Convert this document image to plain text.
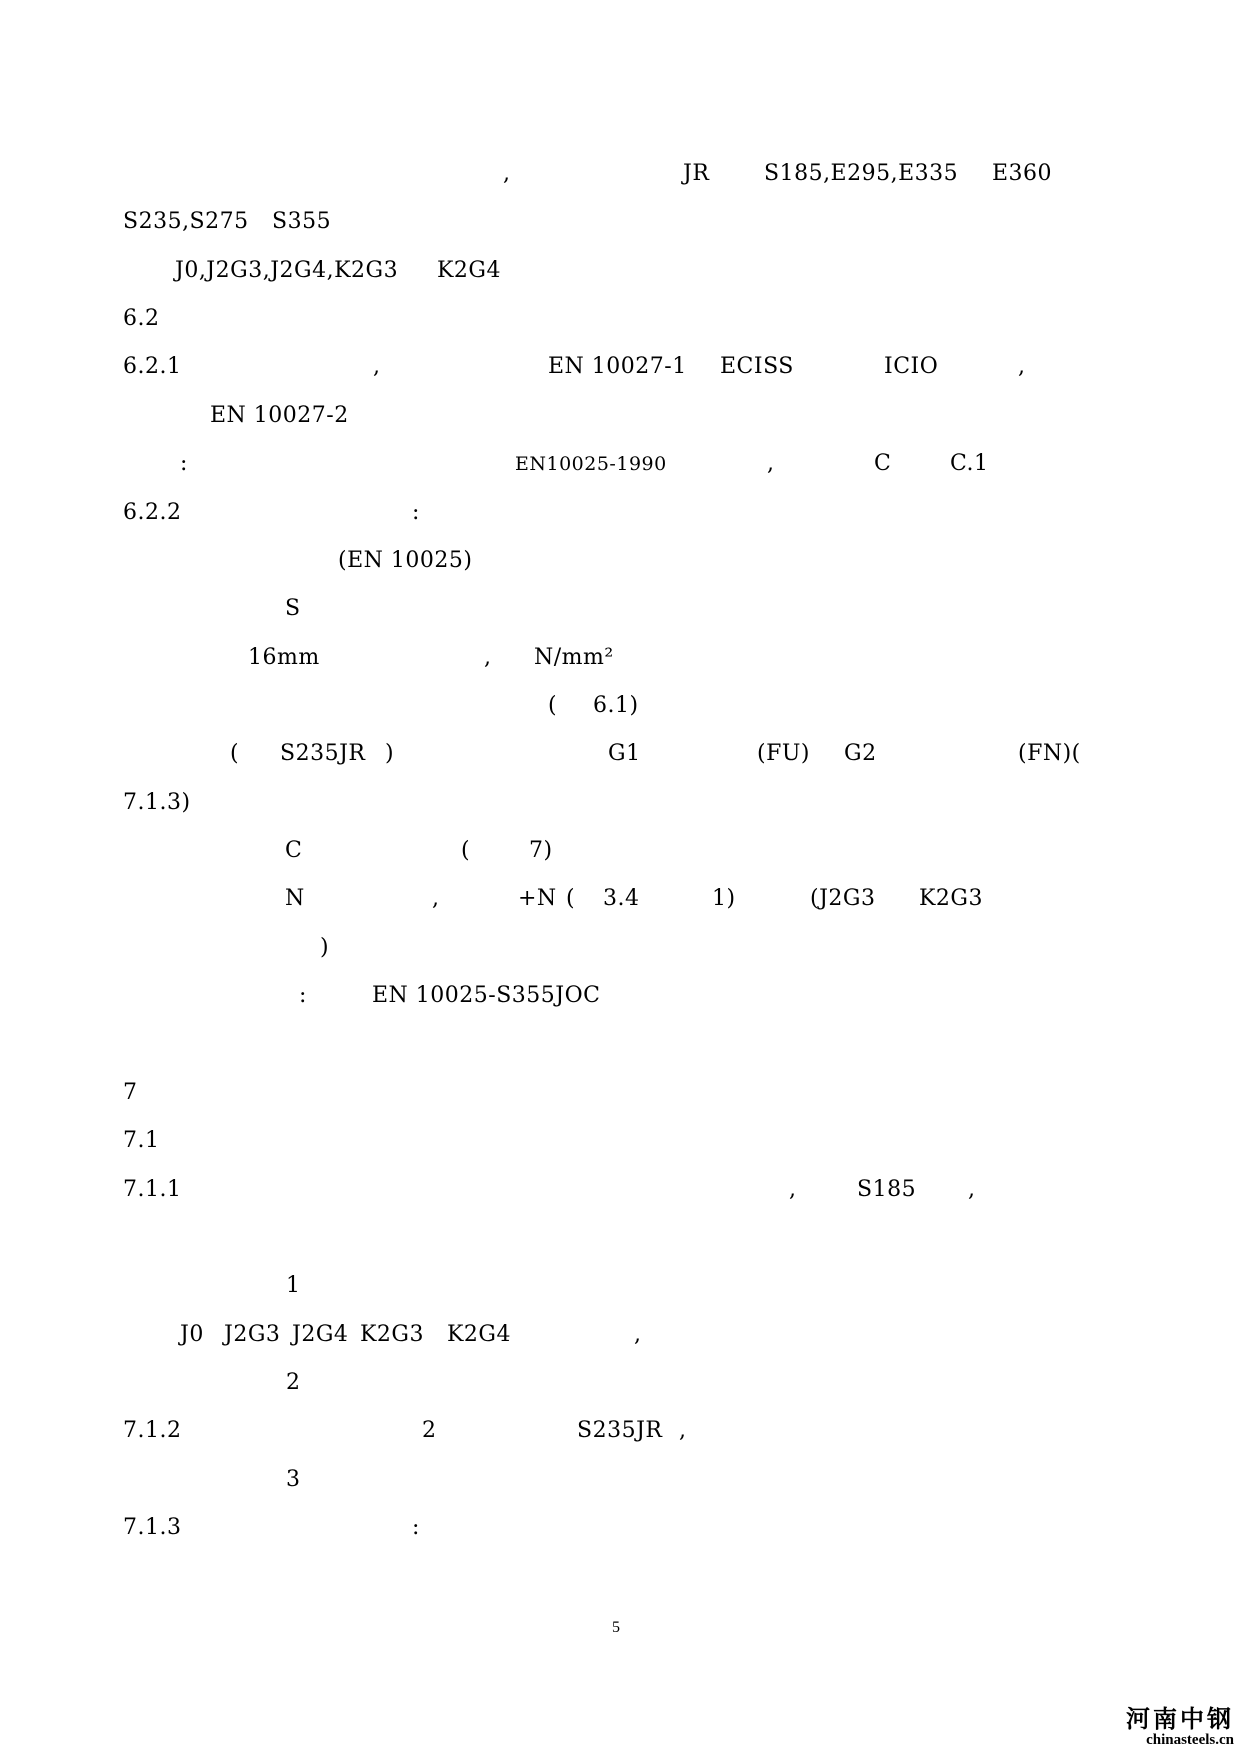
,	JR S185,E295,E335 E360
S235,S275 S355
J0,J2G3,J2G4,K2G3 K2G4
6.2
6.2.1	,	EN 10027-1 ECISS	ICIO	,
EN 10027-2
:	EN10025-1990	,	C	C.1
6.2.2	:
(EN 10025)
S
16mm	, N/mm²
( 6.1)
( S235JR )	G1	(FU) G2	(FN)(
7.1.3)
C	(	7)
N	,	+N ( 3.4	1)	(J2G3 K2G3
)
:	EN 10025-S355JOC
7
7.1
7.1.1	,	S185 ,
1
J0 J2G3 J2G4 K2G3 K2G4	,
2
7.1.2	2	S235JR ,
3
7.1.3	:
5
河南中钢
chinasteels.cn
